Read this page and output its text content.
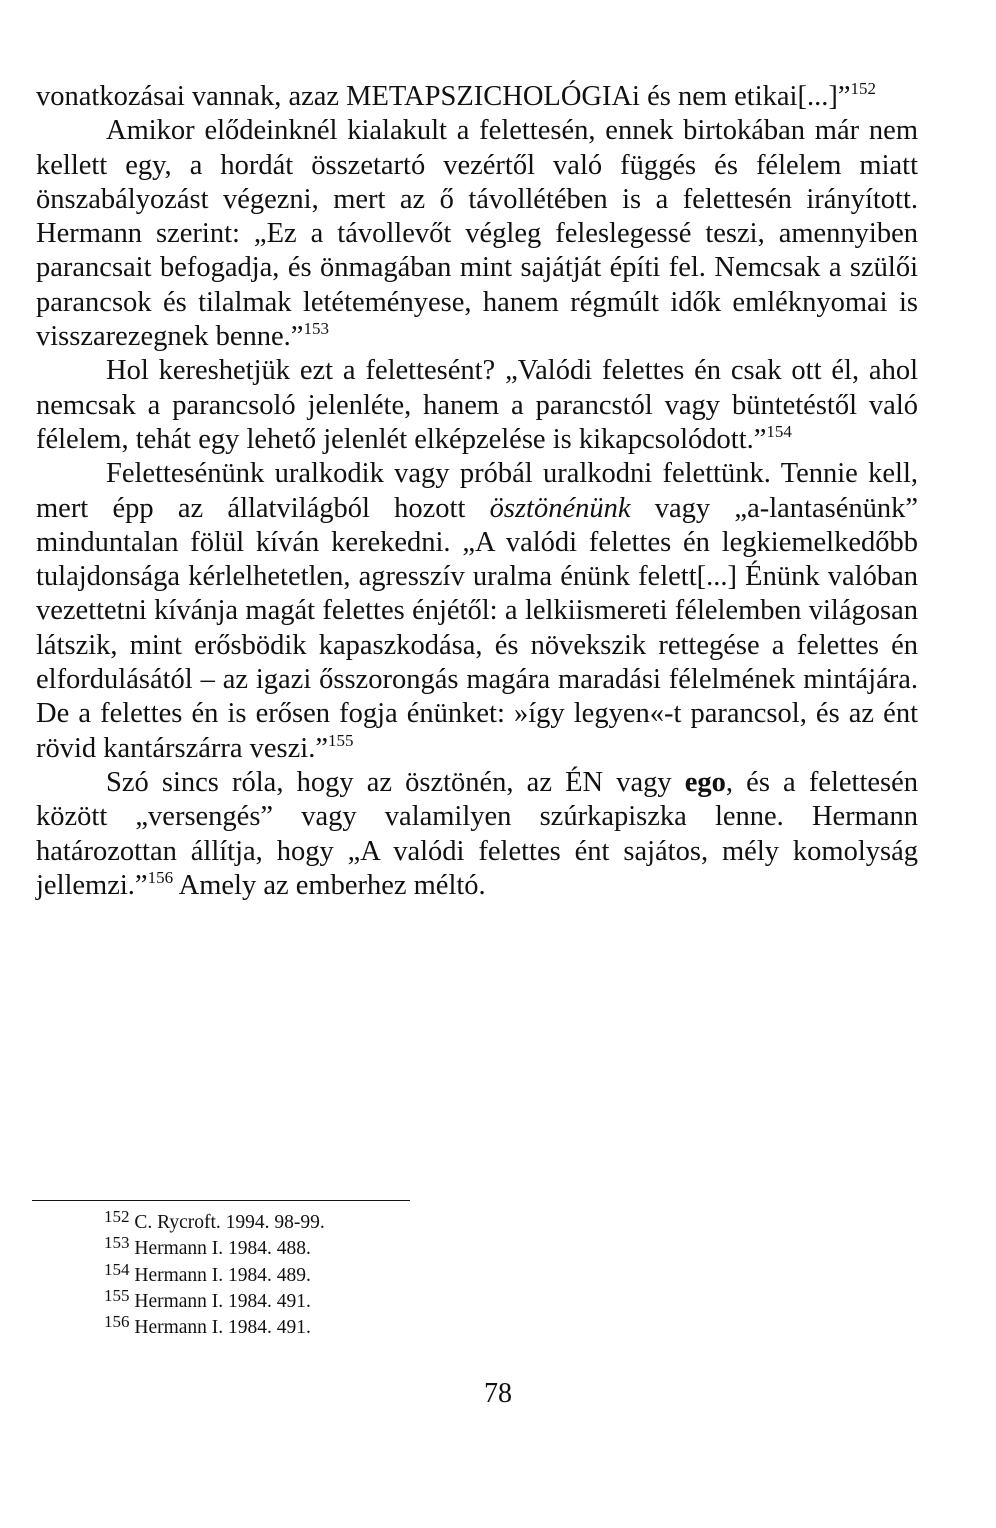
vonatkozásai vannak, azaz METAPSZICHOLÓGIAi és nem etikai[...]”$^{152}$

Amikor elődeinknél kialakult a felettesén, ennek birtokában már nem kellett egy, a hordát összetartó vezértől való függés és félelem miatt önszabályozást végezni, mert az ő távollétében is a felettesén irányított. Hermann szerint: „Ez a távollevőt végleg feleslegessé teszi, amennyiben parancsait befogadja, és önmagában mint sajátját építi fel. Nemcsak a szülői parancsok és tilalmak letéteményese, hanem régmúlt idők emléknyomai is visszarezegnek benne.”$^{153}$

Hol kereshetjük ezt a felettesént? „Valódi felettes én csak ott él, ahol nemcsak a parancsoló jelenléte, hanem a parancstól vagy büntetéstől való félelem, tehát egy lehető jelenlét elképzelése is kikapcsolódott.”$^{154}$

Felettesénünk uralkodik vagy próbál uralkodni felettünk. Tennie kell, mert épp az állatvilágból hozott ösztönénünk vagy „a-lantasénünk” minduntalan fölül kíván kerekedni. „A valódi felettes én legkiemelkedőbb tulajdonsága kérlelhetetlen, agresszív uralma énünk felett[...] Énünk valóban vezettetni kívánja magát felettes énjétől: a lelkiismereti félelemben világosan látszik, mint erősbödik kapaszkodása, és növekszik rettegése a felettes én elfordulásától – az igazi ősszorongás magára maradási félelmének mintájára. De a felettes én is erősen fogja énünket: »így legyen«-t parancsol, és az ént rövid kantárszárra veszi.”$^{155}$

Szó sincs róla, hogy az ösztönén, az ÉN vagy ego, és a felettesén között „versengés” vagy valamilyen szúrkapiszka lenne. Hermann határozottan állítja, hogy „A valódi felettes ént sajátos, mély komolyság jellemzi.”$^{156}$ Amely az emberhez méltó.

$^{152}$ C. Rycroft. 1994. 98-99.
$^{153}$ Hermann I. 1984. 488.
$^{154}$ Hermann I. 1984. 489.
$^{155}$ Hermann I. 1984. 491.
$^{156}$ Hermann I. 1984. 491.
78
